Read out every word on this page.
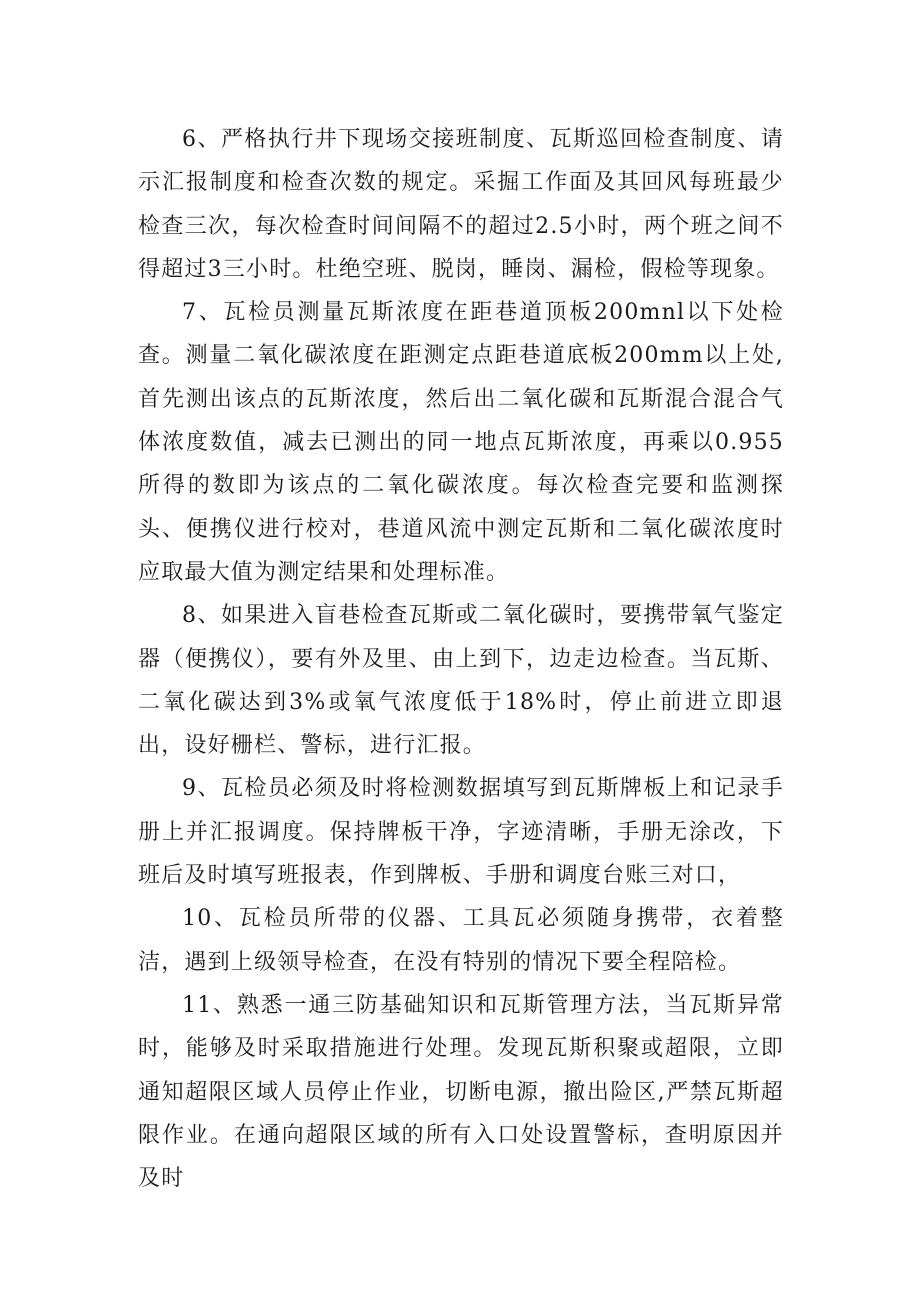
6、严格执行井下现场交接班制度、瓦斯巡回检查制度、请示汇报制度和检查次数的规定。采掘工作面及其回风每班最少检查三次，每次检查时间间隔不的超过2.5小时，两个班之间不得超过3三小时。杜绝空班、脱岗，睡岗、漏检，假检等现象。

7、瓦检员测量瓦斯浓度在距巷道顶板200mnl以下处检查。测量二氧化碳浓度在距测定点距巷道底板200mm以上处,首先测出该点的瓦斯浓度，然后出二氧化碳和瓦斯混合混合气体浓度数值，减去已测出的同一地点瓦斯浓度，再乘以0.955所得的数即为该点的二氧化碳浓度。每次检查完要和监测探头、便携仪进行校对，巷道风流中测定瓦斯和二氧化碳浓度时应取最大值为测定结果和处理标准。

8、如果进入盲巷检查瓦斯或二氧化碳时，要携带氧气鉴定器（便携仪），要有外及里、由上到下，边走边检查。当瓦斯、二氧化碳达到3%或氧气浓度低于18%时，停止前进立即退出，设好栅栏、警标，进行汇报。

9、瓦检员必须及时将检测数据填写到瓦斯牌板上和记录手册上并汇报调度。保持牌板干净，字迹清晰，手册无涂改，下班后及时填写班报表，作到牌板、手册和调度台账三对口，

10、瓦检员所带的仪器、工具瓦必须随身携带，衣着整洁，遇到上级领导检查，在没有特别的情况下要全程陪检。

11、熟悉一通三防基础知识和瓦斯管理方法，当瓦斯异常时，能够及时采取措施进行处理。发现瓦斯积聚或超限，立即通知超限区域人员停止作业，切断电源，撤出险区,严禁瓦斯超限作业。在通向超限区域的所有入口处设置警标，查明原因并及时
